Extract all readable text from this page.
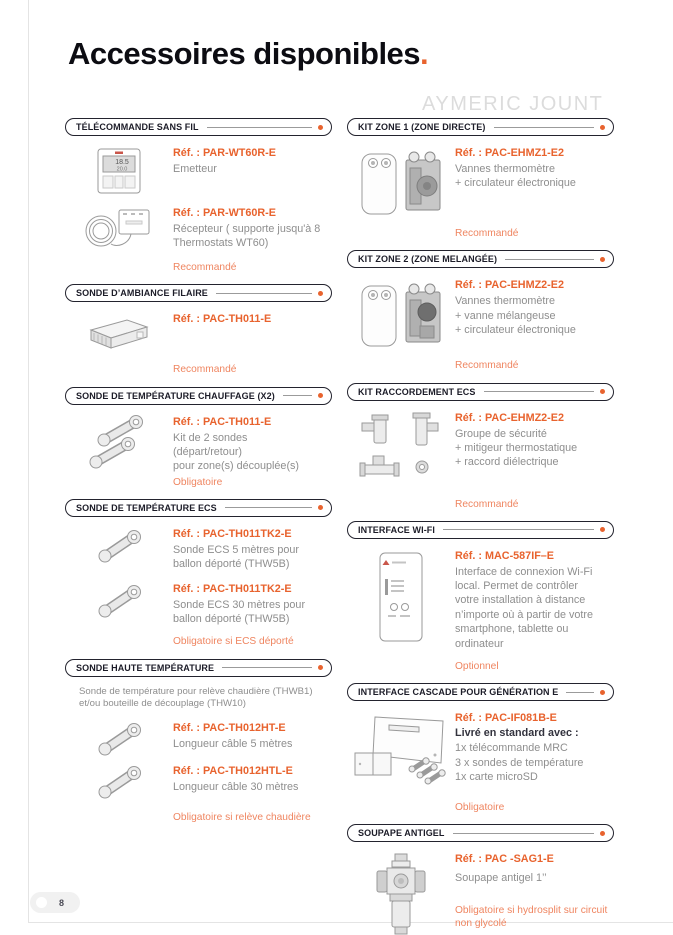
Accessoires disponibles.
AYMERIC JOUNT
TÉLÉCOMMANDE SANS FIL
18.5
20.0
Réf. : PAR-WT60R-E
Emetteur
Réf. : PAR-WT60R-E
Récepteur ( supporte jusqu'à 8
Thermostats WT60)
Recommandé
SONDE D’AMBIANCE FILAIRE
Réf. : PAC-TH011-E
Recommandé
SONDE DE TEMPÉRATURE CHAUFFAGE (X2)
Réf. : PAC-TH011-E
Kit de 2 sondes
(départ/retour)
pour zone(s) découplée(s)
Obligatoire
SONDE DE TEMPÉRATURE ECS
Réf. : PAC-TH011TK2-E
Sonde ECS 5 mètres pour
ballon déporté (THW5B)
Réf. : PAC-TH011TK2-E
Sonde ECS 30 mètres pour
ballon déporté (THW5B)
Obligatoire si ECS déporté
SONDE HAUTE TEMPÉRATURE
Sonde de température pour relève chaudière (THWB1) et/ou bouteille de découplage (THW10)
Réf. : PAC-TH012HT-E
Longueur câble 5 mètres
Réf. : PAC-TH012HTL-E
Longueur câble 30 mètres
Obligatoire si relève chaudière
KIT ZONE 1 (ZONE DIRECTE)
Réf. : PAC-EHMZ1-E2
Vannes thermomètre
+ circulateur électronique
Recommandé
KIT ZONE 2 (ZONE MELANGÉE)
Réf. : PAC-EHMZ2-E2
Vannes thermomètre
+ vanne mélangeuse
+ circulateur électronique
Recommandé
KIT RACCORDEMENT ECS
Réf. : PAC-EHMZ2-E2
Groupe de sécurité
+ mitigeur thermostatique
+ raccord diélectrique
Recommandé
INTERFACE WI-FI
Réf. : MAC-587IF–E
Interface de connexion Wi-Fi
local. Permet de contrôler
votre installation à distance
n’importe où à partir de votre
smartphone, tablette ou
ordinateur
Optionnel
INTERFACE CASCADE POUR GÉNÉRATION E
Réf. : PAC-IF081B-E
Livré en standard avec :
1x télécommande MRC
3 x sondes de température
1x carte microSD
Obligatoire
SOUPAPE ANTIGEL
Réf. : PAC -SAG1-E
Soupape antigel 1’’
Obligatoire si hydrosplit sur circuit non glycolé
8
